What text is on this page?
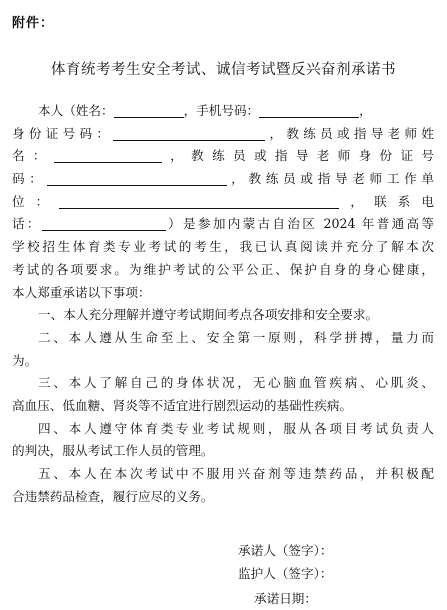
附件：
体育统考考生安全考试、诚信考试暨反兴奋剂承诺书
本人（姓名：	，手机号码：	，
身份证号码：	，教练员或指导老师姓
名：	，教练员或指导老师身份证号
码：	，教练员或指导老师工作单
位：	，联系电
话：	）是参加内蒙古自治区 2024 年普通高等
学校招生体育类专业考试的考生，我已认真阅读并充分了解本次
考试的各项要求。为维护考试的公平公正、保护自身的身心健康，
本人郑重承诺以下事项：
一、本人充分理解并遵守考试期间考点各项安排和安全要求。
二、本人遵从生命至上、安全第一原则，科学拼搏，量力而
为。
三、本人了解自己的身体状况，无心脑血管疾病、心肌炎、
高血压、低血糖、肾炎等不适宜进行剧烈运动的基础性疾病。
四、本人遵守体育类专业考试规则，服从各项目考试负责人
的判决，服从考试工作人员的管理。
五、本人在本次考试中不服用兴奋剂等违禁药品，并积极配
合违禁药品检查，履行应尽的义务。
承诺人（签字）：
监护人（签字）：
承诺日期：
